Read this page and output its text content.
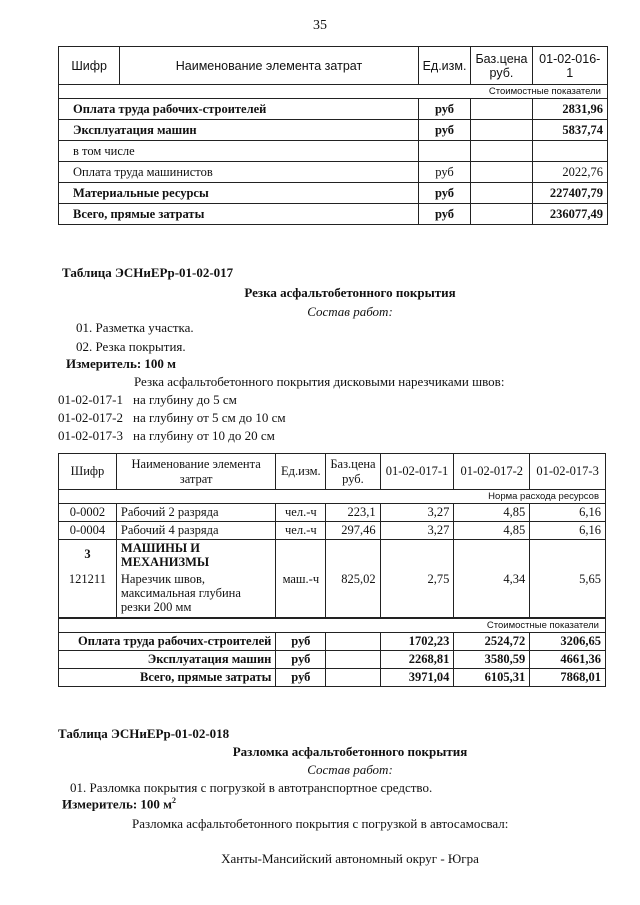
35
Шифр	Наименование элемента затрат	Ед.изм.	Баз.цена руб.	01-02-016-1
Стоимостные показатели				
Оплата труда рабочих-строителей		руб		2831,96
Эксплуатация машин		руб		5837,74
в том числе				
Оплата труда машинистов		руб		2022,76
Материальные ресурсы		руб		227407,79
Всего, прямые затраты		руб		236077,49
Таблица ЭСНиЕРр-01-02-017
Резка асфальтобетонного покрытия
Состав работ:
01. Разметка участка.
02. Резка покрытия.
Измеритель: 100 м
Резка асфальтобетонного покрытия дисковыми нарезчиками швов:
01-02-017-1 на глубину до 5 см
01-02-017-2 на глубину от 5 см до 10 см
01-02-017-3 на глубину от 10 до 20 см
Шифр	Наименование элемента затрат	Ед.изм.	Баз.цена руб.	01-02-017-1	01-02-017-2	01-02-017-3
Норма расхода ресурсов						
0-0002	Рабочий 2 разряда	чел.-ч	223,1	3,27	4,85	6,16
0-0004	Рабочий 4 разряда	чел.-ч	297,46	3,27	4,85	6,16
3	МАШИНЫ И МЕХАНИЗМЫ					
121211	Нарезчик швов, максимальная глубина резки 200 мм	маш.-ч	825,02	2,75	4,34	5,65
Стоимостные показатели						
Оплата труда рабочих-строителей		руб		1702,23	2524,72	3206,65
Эксплуатация машин		руб		2268,81	3580,59	4661,36
Всего, прямые затраты		руб		3971,04	6105,31	7868,01
Таблица ЭСНиЕРр-01-02-018
Разломка асфальтобетонного покрытия
Состав работ:
01. Разломка покрытия с погрузкой в автотранспортное средство.
Измеритель: 100 $м^2$
Разломка асфальтобетонного покрытия с погрузкой в автосамосвал:
Ханты-Мансийский автономный округ - Югра
